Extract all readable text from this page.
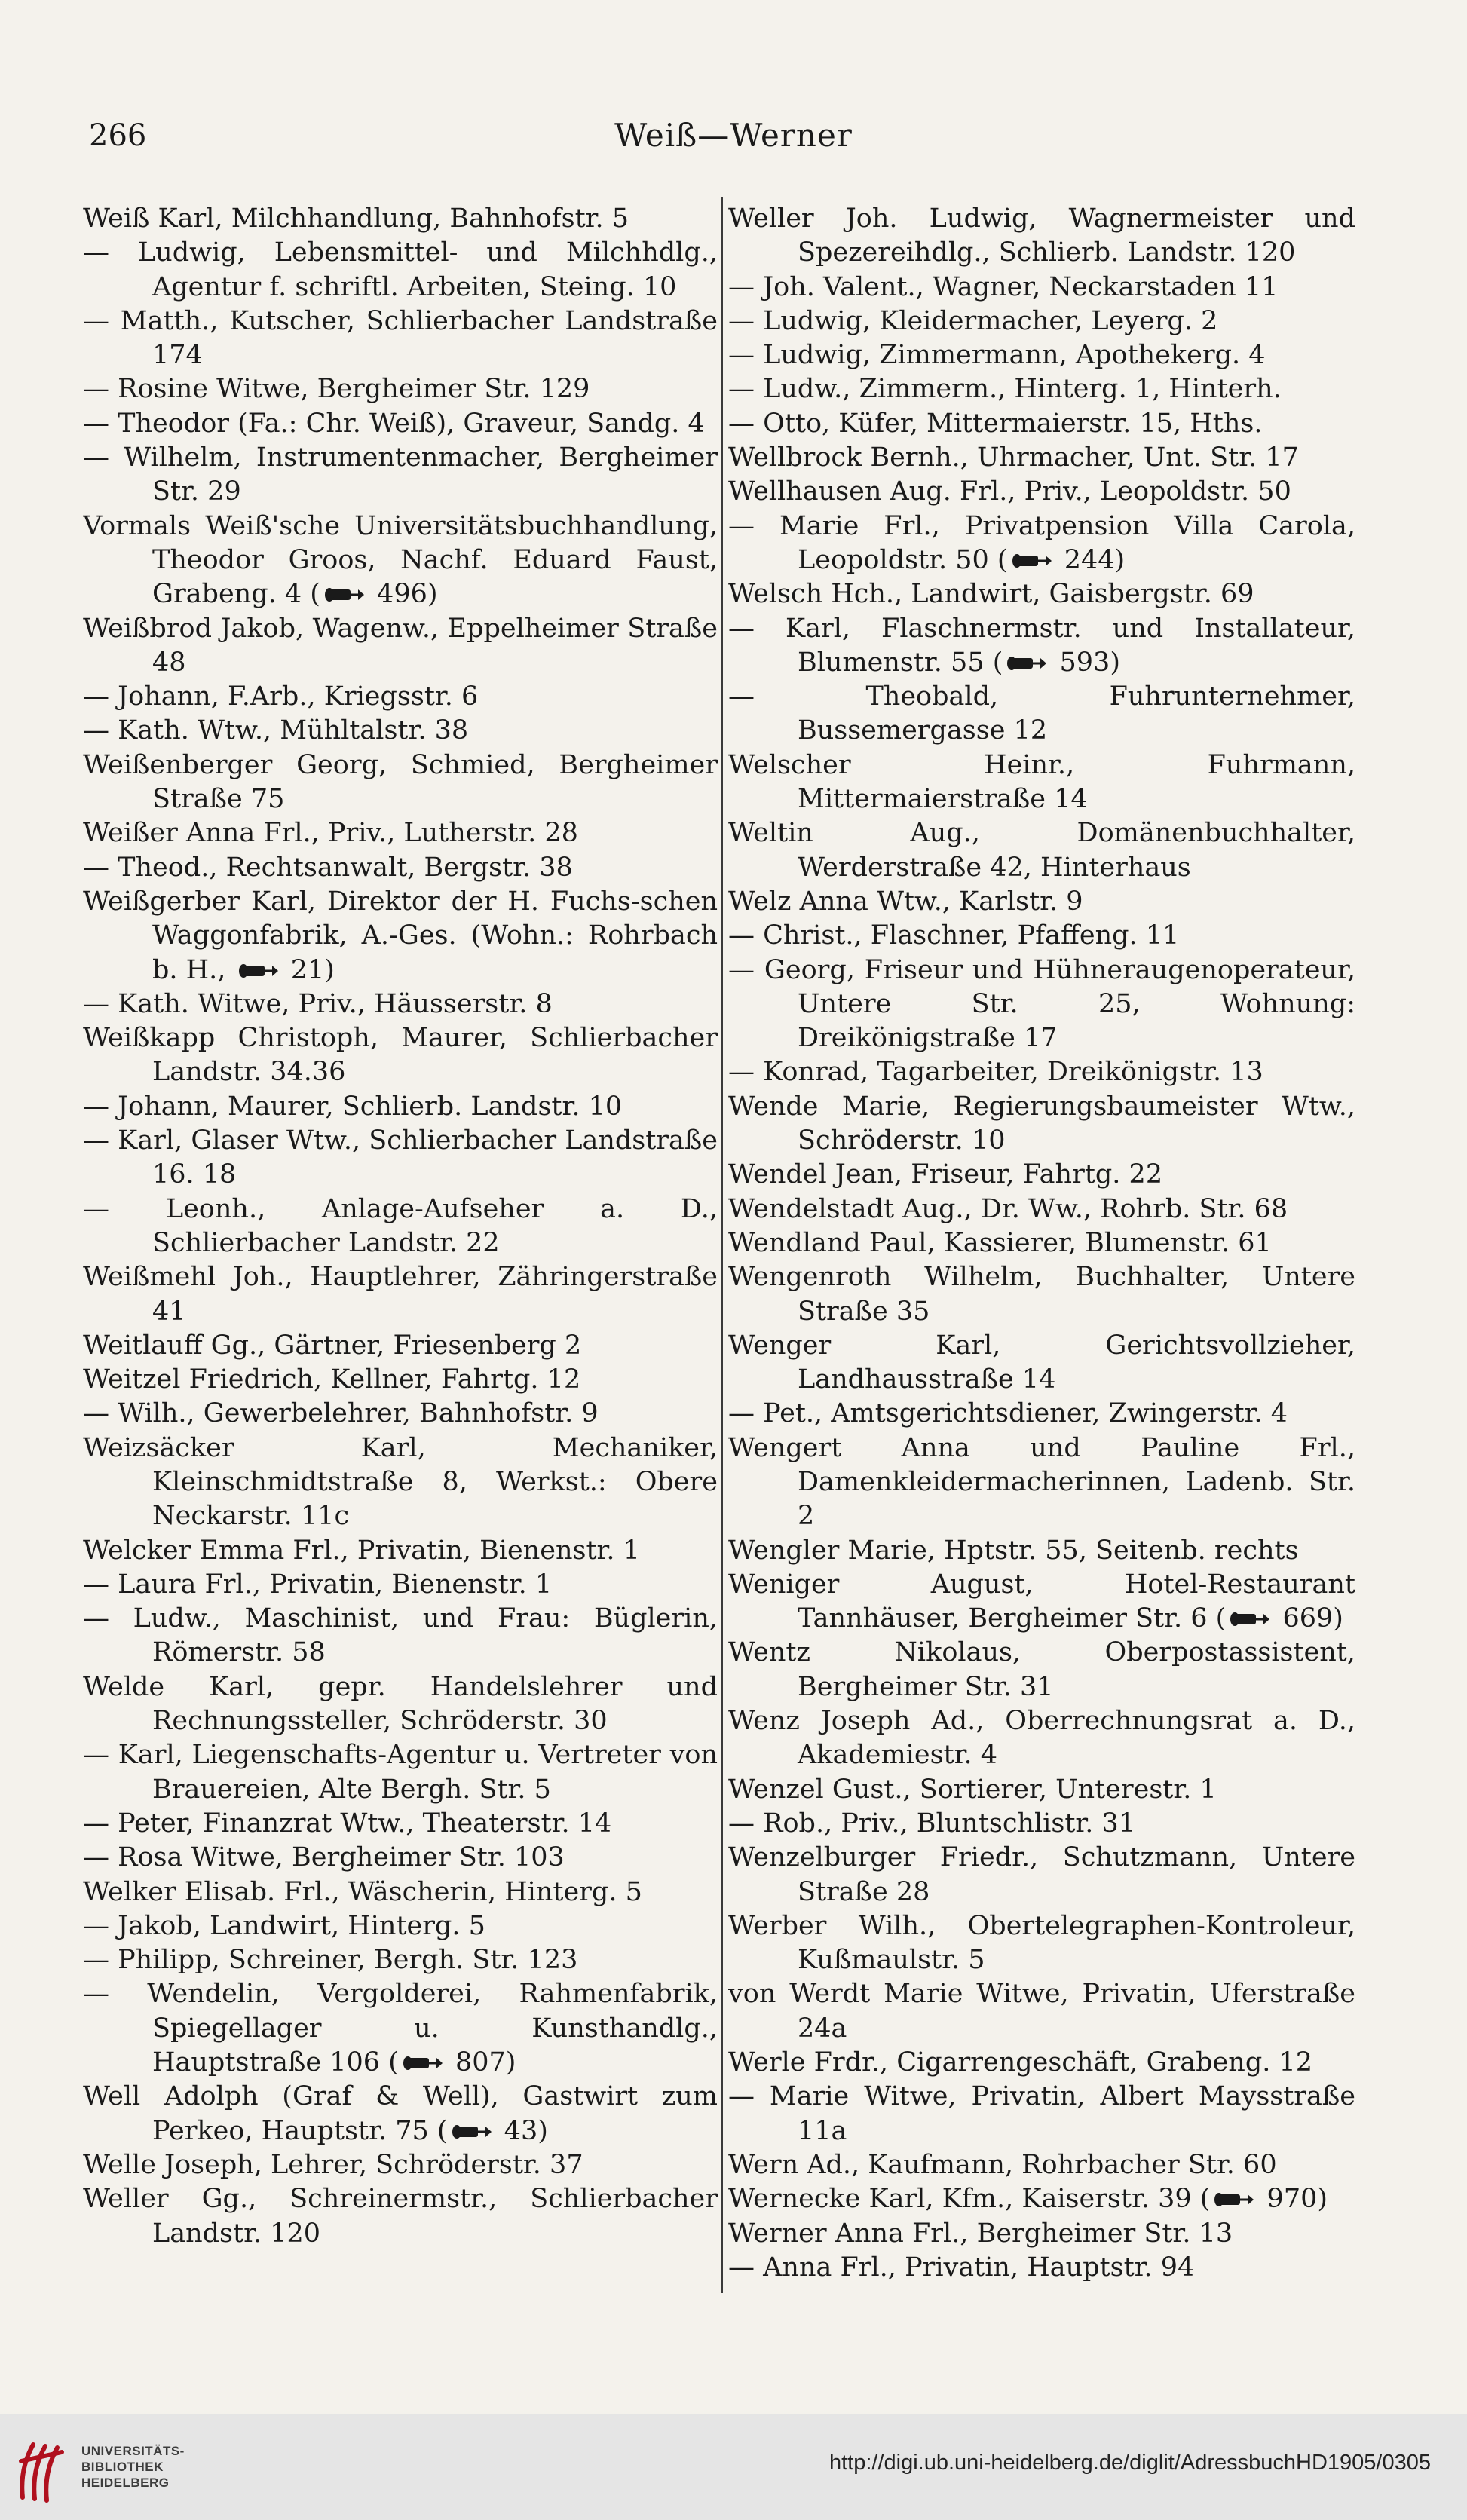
266	Weiß—Werner
Weiß Karl, Milchhandlung, Bahnhofstr. 5
— Ludwig, Lebensmittel- und Milchhdlg., Agentur f. schriftl. Arbeiten, Steing. 10
— Matth., Kutscher, Schlierbacher Landstraße 174
— Rosine Witwe, Bergheimer Str. 129
— Theodor (Fa.: Chr. Weiß), Graveur, Sandg. 4
— Wilhelm, Instrumentenmacher, Bergheimer Str. 29
Vormals Weiß'sche Universitätsbuchhandlung, Theodor Groos, Nachf. Eduard Faust, Grabeng. 4 (
496)
Weißbrod Jakob, Wagenw., Eppelheimer Straße 48
— Johann, F.Arb., Kriegsstr. 6
— Kath. Wtw., Mühltalstr. 38
Weißenberger Georg, Schmied, Bergheimer Straße 75
Weißer Anna Frl., Priv., Lutherstr. 28
— Theod., Rechtsanwalt, Bergstr. 38
Weißgerber Karl, Direktor der H. Fuchs-schen Waggonfabrik, A.-Ges. (Wohn.: Rohrbach b. H.,
21)
— Kath. Witwe, Priv., Häusserstr. 8
Weißkapp Christoph, Maurer, Schlierbacher Landstr. 34.36
— Johann, Maurer, Schlierb. Landstr. 10
— Karl, Glaser Wtw., Schlierbacher Landstraße 16. 18
— Leonh., Anlage-Aufseher a. D., Schlierbacher Landstr. 22
Weißmehl Joh., Hauptlehrer, Zähringerstraße 41
Weitlauff Gg., Gärtner, Friesenberg 2
Weitzel Friedrich, Kellner, Fahrtg. 12
— Wilh., Gewerbelehrer, Bahnhofstr. 9
Weizsäcker Karl, Mechaniker, Kleinschmidtstraße 8, Werkst.: Obere Neckarstr. 11c
Welcker Emma Frl., Privatin, Bienenstr. 1
— Laura Frl., Privatin, Bienenstr. 1
— Ludw., Maschinist, und Frau: Büglerin, Römerstr. 58
Welde Karl, gepr. Handelslehrer und Rechnungssteller, Schröderstr. 30
— Karl, Liegenschafts-Agentur u. Vertreter von Brauereien, Alte Bergh. Str. 5
— Peter, Finanzrat Wtw., Theaterstr. 14
— Rosa Witwe, Bergheimer Str. 103
Welker Elisab. Frl., Wäscherin, Hinterg. 5
— Jakob, Landwirt, Hinterg. 5
— Philipp, Schreiner, Bergh. Str. 123
— Wendelin, Vergolderei, Rahmenfabrik, Spiegellager u. Kunsthandlg., Hauptstraße 106 (
807)
Well Adolph (Graf & Well), Gastwirt zum Perkeo, Hauptstr. 75 (
43)
Welle Joseph, Lehrer, Schröderstr. 37
Weller Gg., Schreinermstr., Schlierbacher Landstr. 120
Weller Joh. Ludwig, Wagnermeister und Spezereihdlg., Schlierb. Landstr. 120
— Joh. Valent., Wagner, Neckarstaden 11
— Ludwig, Kleidermacher, Leyerg. 2
— Ludwig, Zimmermann, Apothekerg. 4
— Ludw., Zimmerm., Hinterg. 1, Hinterh.
— Otto, Küfer, Mittermaierstr. 15, Hths.
Wellbrock Bernh., Uhrmacher, Unt. Str. 17
Wellhausen Aug. Frl., Priv., Leopoldstr. 50
— Marie Frl., Privatpension Villa Carola, Leopoldstr. 50 (
244)
Welsch Hch., Landwirt, Gaisbergstr. 69
— Karl, Flaschnermstr. und Installateur, Blumenstr. 55 (
593)
— Theobald, Fuhrunternehmer, Bussemergasse 12
Welscher Heinr., Fuhrmann, Mittermaierstraße 14
Weltin Aug., Domänenbuchhalter, Werderstraße 42, Hinterhaus
Welz Anna Wtw., Karlstr. 9
— Christ., Flaschner, Pfaffeng. 11
— Georg, Friseur und Hühneraugenoperateur, Untere Str. 25, Wohnung: Dreikönigstraße 17
— Konrad, Tagarbeiter, Dreikönigstr. 13
Wende Marie, Regierungsbaumeister Wtw., Schröderstr. 10
Wendel Jean, Friseur, Fahrtg. 22
Wendelstadt Aug., Dr. Ww., Rohrb. Str. 68
Wendland Paul, Kassierer, Blumenstr. 61
Wengenroth Wilhelm, Buchhalter, Untere Straße 35
Wenger Karl, Gerichtsvollzieher, Landhausstraße 14
— Pet., Amtsgerichtsdiener, Zwingerstr. 4
Wengert Anna und Pauline Frl., Damenkleidermacherinnen, Ladenb. Str. 2
Wengler Marie, Hptstr. 55, Seitenb. rechts
Weniger August, Hotel-Restaurant Tannhäuser, Bergheimer Str. 6 (
669)
Wentz Nikolaus, Oberpostassistent, Bergheimer Str. 31
Wenz Joseph Ad., Oberrechnungsrat a. D., Akademiestr. 4
Wenzel Gust., Sortierer, Unterestr. 1
— Rob., Priv., Bluntschlistr. 31
Wenzelburger Friedr., Schutzmann, Untere Straße 28
Werber Wilh., Obertelegraphen-Kontroleur, Kußmaulstr. 5
von Werdt Marie Witwe, Privatin, Uferstraße 24a
Werle Frdr., Cigarrengeschäft, Grabeng. 12
— Marie Witwe, Privatin, Albert Maysstraße 11a
Wern Ad., Kaufmann, Rohrbacher Str. 60
Wernecke Karl, Kfm., Kaiserstr. 39 (
970)
Werner Anna Frl., Bergheimer Str. 13
— Anna Frl., Privatin, Hauptstr. 94
UNIVERSITÄTS-
BIBLIOTHEK
HEIDELBERG
http://digi.ub.uni-heidelberg.de/diglit/AdressbuchHD1905/0305
